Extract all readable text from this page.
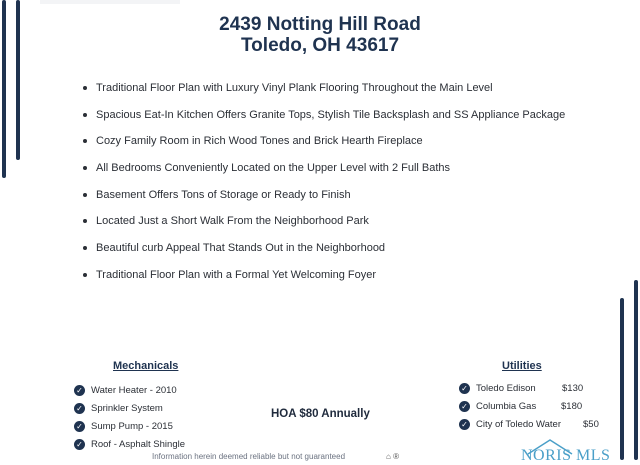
2439 Notting Hill Road
Toledo, OH 43617
Traditional Floor Plan with Luxury Vinyl Plank Flooring Throughout the Main Level
Spacious Eat-In Kitchen Offers Granite Tops, Stylish Tile Backsplash and SS Appliance Package
Cozy Family Room in Rich Wood Tones and Brick Hearth Fireplace
All Bedrooms Conveniently Located on the Upper Level with 2 Full Baths
Basement Offers Tons of Storage or Ready to Finish
Located Just a Short Walk From the Neighborhood Park
Beautiful curb Appeal That Stands Out in the Neighborhood
Traditional Floor Plan with a Formal Yet Welcoming Foyer
Mechanicals
✓ Water Heater - 2010
✓ Sprinkler System
✓ Sump Pump - 2015
✓ Roof - Asphalt Shingle
HOA $80 Annually
Utilities
✓ Toledo Edison	$130
✓ Columbia Gas	$180
✓ City of Toledo Water $50
Information herein deemed reliable but not guaranteed	⌂ ®	NORIS MLS
